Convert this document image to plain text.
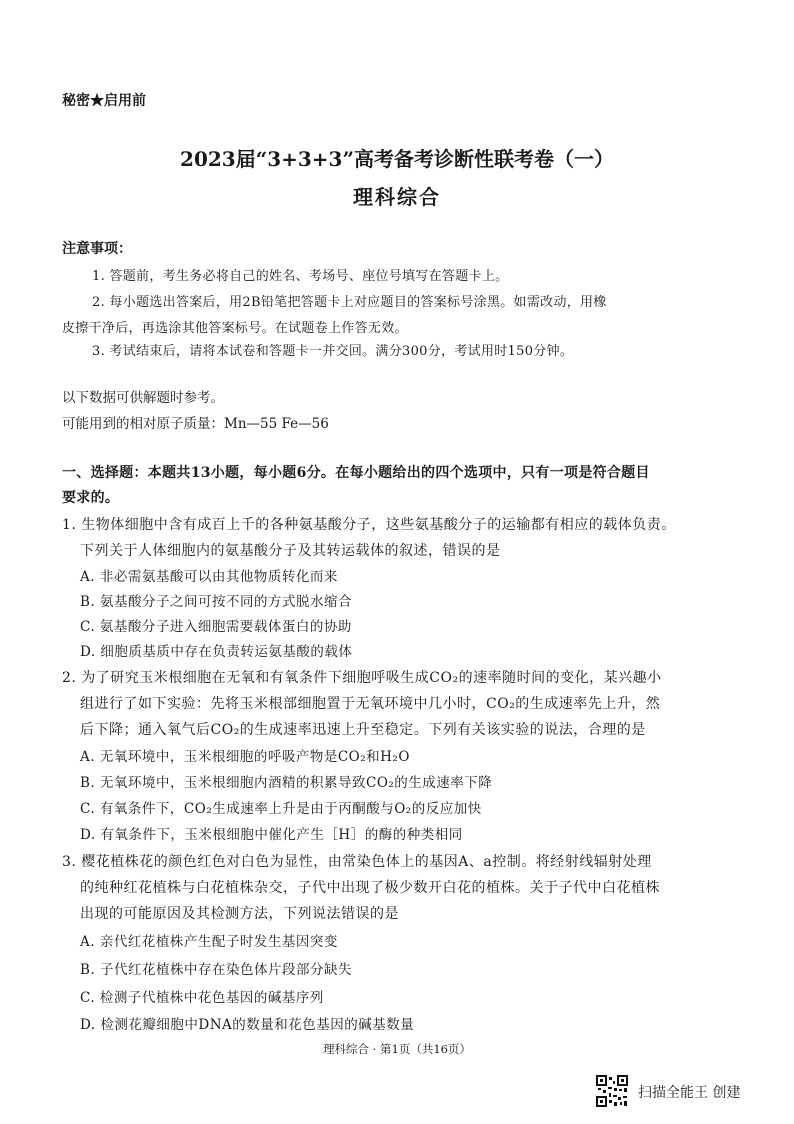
秘密★启用前
2023届“3+3+3”高考备考诊断性联考卷（一）
理科综合
注意事项：
1. 答题前，考生务必将自己的姓名、考场号、座位号填写在答题卡上。
2. 每小题选出答案后，用2B铅笔把答题卡上对应题目的答案标号涂黑。如需改动，用橡
皮擦干净后，再选涂其他答案标号。在试题卷上作答无效。
3. 考试结束后，请将本试卷和答题卡一并交回。满分300分，考试用时150分钟。
以下数据可供解题时参考。
可能用到的相对原子质量：Mn—55 Fe—56
一、选择题：本题共13小题，每小题6分。在每小题给出的四个选项中，只有一项是符合题目
要求的。
1. 生物体细胞中含有成百上千的各种氨基酸分子，这些氨基酸分子的运输都有相应的载体负责。
下列关于人体细胞内的氨基酸分子及其转运载体的叙述，错误的是
A. 非必需氨基酸可以由其他物质转化而来
B. 氨基酸分子之间可按不同的方式脱水缩合
C. 氨基酸分子进入细胞需要载体蛋白的协助
D. 细胞质基质中存在负责转运氨基酸的载体
2. 为了研究玉米根细胞在无氧和有氧条件下细胞呼吸生成CO₂的速率随时间的变化，某兴趣小
组进行了如下实验：先将玉米根部细胞置于无氧环境中几小时，CO₂的生成速率先上升，然
后下降；通入氧气后CO₂的生成速率迅速上升至稳定。下列有关该实验的说法，合理的是
A. 无氧环境中，玉米根细胞的呼吸产物是CO₂和H₂O
B. 无氧环境中，玉米根细胞内酒精的积累导致CO₂的生成速率下降
C. 有氧条件下，CO₂生成速率上升是由于丙酮酸与O₂的反应加快
D. 有氧条件下，玉米根细胞中催化产生［H］的酶的种类相同
3. 樱花植株花的颜色红色对白色为显性，由常染色体上的基因A、a控制。将经射线辐射处理
的纯种红花植株与白花植株杂交，子代中出现了极少数开白花的植株。关于子代中白花植株
出现的可能原因及其检测方法，下列说法错误的是
A. 亲代红花植株产生配子时发生基因突变
B. 子代红花植株中存在染色体片段部分缺失
C. 检测子代植株中花色基因的碱基序列
D. 检测花瓣细胞中DNA的数量和花色基因的碱基数量
理科综合 · 第1页（共16页）
扫描全能王 创建
